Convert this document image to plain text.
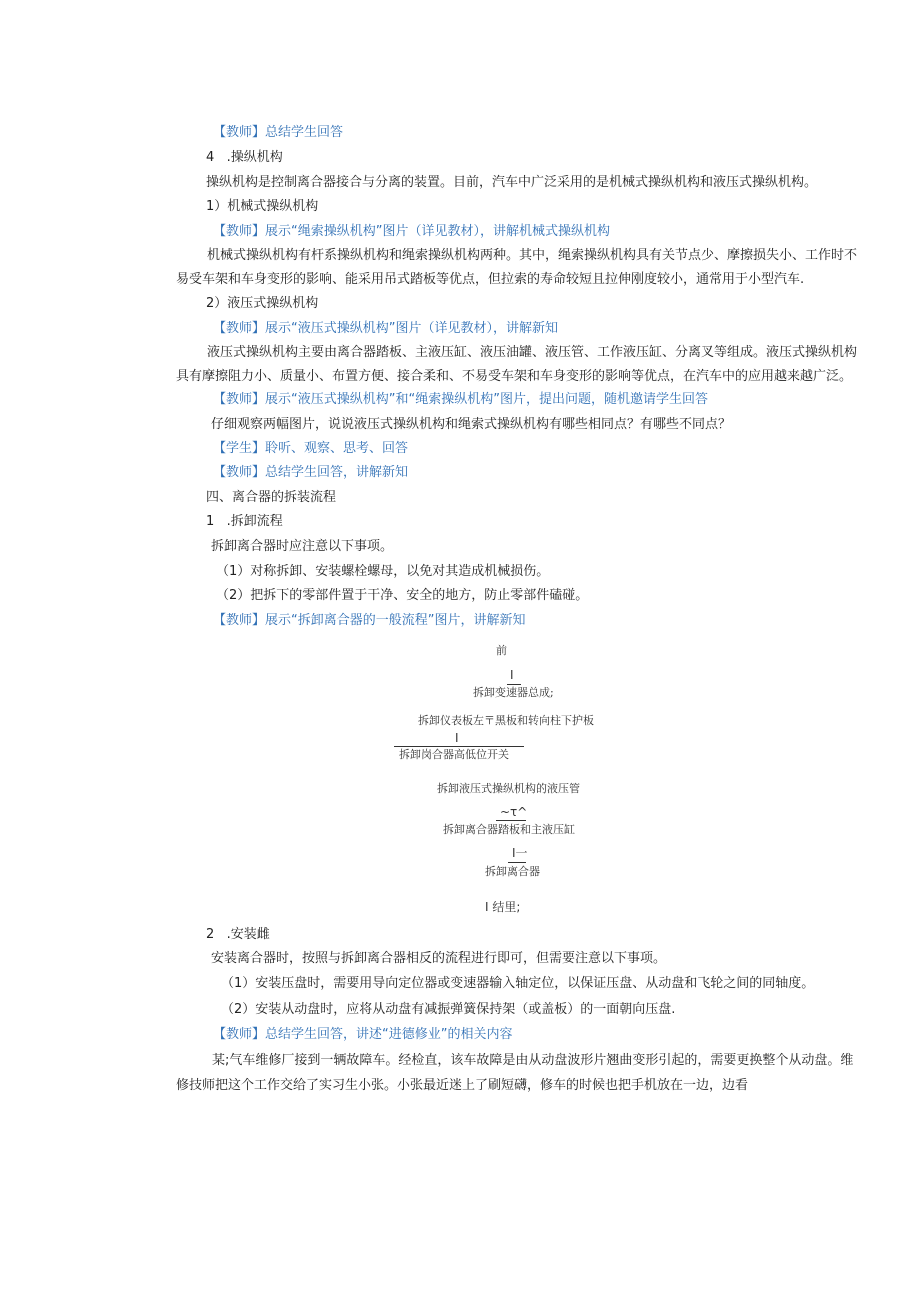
【教师】总结学生回答

4   .操纵机构

操纵机构是控制离合器接合与分离的装置。目前，汽车中广泛采用的是机械式操纵机构和液压式操纵机构。

1）机械式操纵机构

【教师】展示“绳索操纵机构”图片（详见教材），讲解机械式操纵机构

机械式操纵机构有杆系操纵机构和绳索操纵机构两种。其中，绳索操纵机构具有关节点少、摩擦损失小、工作时不

易受车架和车身变形的影响、能采用吊式踏板等优点，但拉索的寿命较短且拉伸刚度较小，通常用于小型汽车.

2）液压式操纵机构

【教师】展示“液压式操纵机构”图片（详见教材），讲解新知

液压式操纵机构主要由离合器踏板、主液压缸、液压油罐、液压管、工作液压缸、分离叉等组成。液压式操纵机构

具有摩擦阻力小、质量小、布置方便、接合柔和、不易受车架和车身变形的影响等优点，在汽车中的应用越来越广泛。

【教师】展示“液压式操纵机构”和“绳索操纵机构”图片，提出问题，随机邀请学生回答

仔细观察两幅图片，说说液压式操纵机构和绳索式操纵机构有哪些相同点？有哪些不同点？

【学生】聆听、观察、思考、回答

【教师】总结学生回答，讲解新知

四、离合器的拆装流程

1   .拆卸流程

拆卸离合器时应注意以下事项。

（1）对称拆卸、安装螺栓螺母，以免对其造成机械损伤。

（2）把拆下的零部件置于干净、安全的地方，防止零部件磕碰。

【教师】展示“拆卸离合器的一般流程”图片，讲解新知

前
I
拆卸变速器总成;
拆卸仪表板左〒黑板和转向柱下护板
I
拆卸岗合器高低位开关
拆卸液压式操纵机构的液压管
~τ^
拆卸离合器踏板和主液压缸
I一
拆卸离合器
I 结里;

2   .安装雌

安装离合器时，按照与拆卸离合器相反的流程进行即可，但需要注意以下事项。

（1）安装压盘时，需要用导向定位器或变速器输入轴定位，以保证压盘、从动盘和飞轮之间的同轴度。

（2）安装从动盘时，应将从动盘有减振弹簧保持架（或盖板）的一面朝向压盘.

【教师】总结学生回答，讲述“进德修业”的相关内容

某;气车维修厂接到一辆故障车。经检直，该车故障是由从动盘波形片翘曲变形引起的，需要更换整个从动盘。维

修技师把这个工作交给了实习生小张。小张最近迷上了刷短礴，修车的时候也把手机放在一边，边看
